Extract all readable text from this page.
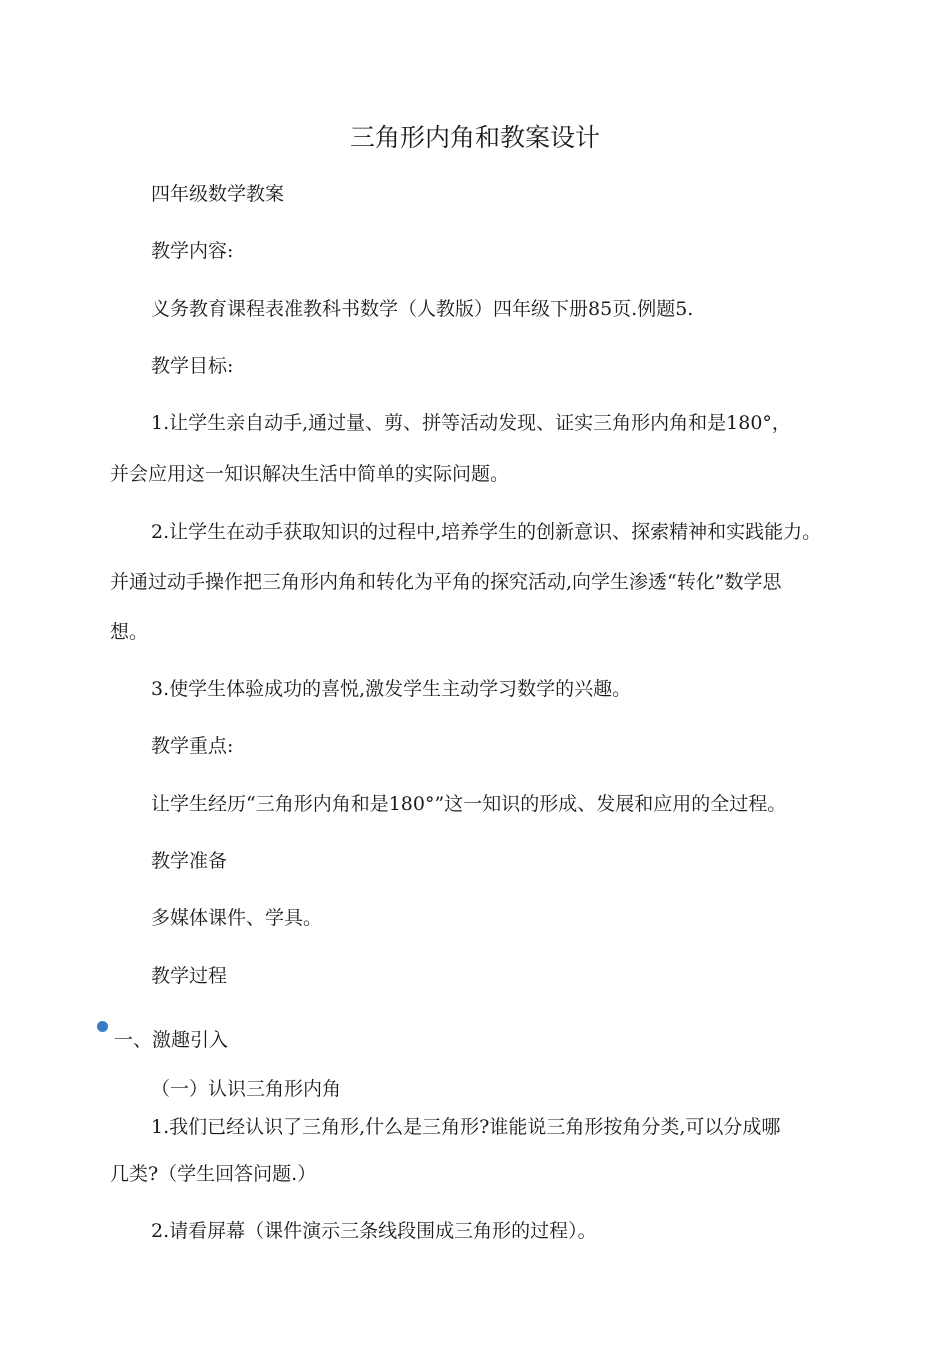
三角形内角和教案设计

四年级数学教案

教学内容:

义务教育课程表准教科书数学（人教版）四年级下册85页.例题5.

教学目标:

1.让学生亲自动手,通过量、剪、拼等活动发现、证实三角形内角和是180°，

并会应用这一知识解决生活中简单的实际问题。

2.让学生在动手获取知识的过程中,培养学生的创新意识、探索精神和实践能力。

并通过动手操作把三角形内角和转化为平角的探究活动,向学生渗透“转化”数学思

想。

3.使学生体验成功的喜悦,激发学生主动学习数学的兴趣。

教学重点:

让学生经历“三角形内角和是180°”这一知识的形成、发展和应用的全过程。

教学准备

多媒体课件、学具。

教学过程

一、激趣引入

（一）认识三角形内角

1.我们已经认识了三角形,什么是三角形?谁能说三角形按角分类,可以分成哪

几类?（学生回答问题.）

2.请看屏幕（课件演示三条线段围成三角形的过程）。
